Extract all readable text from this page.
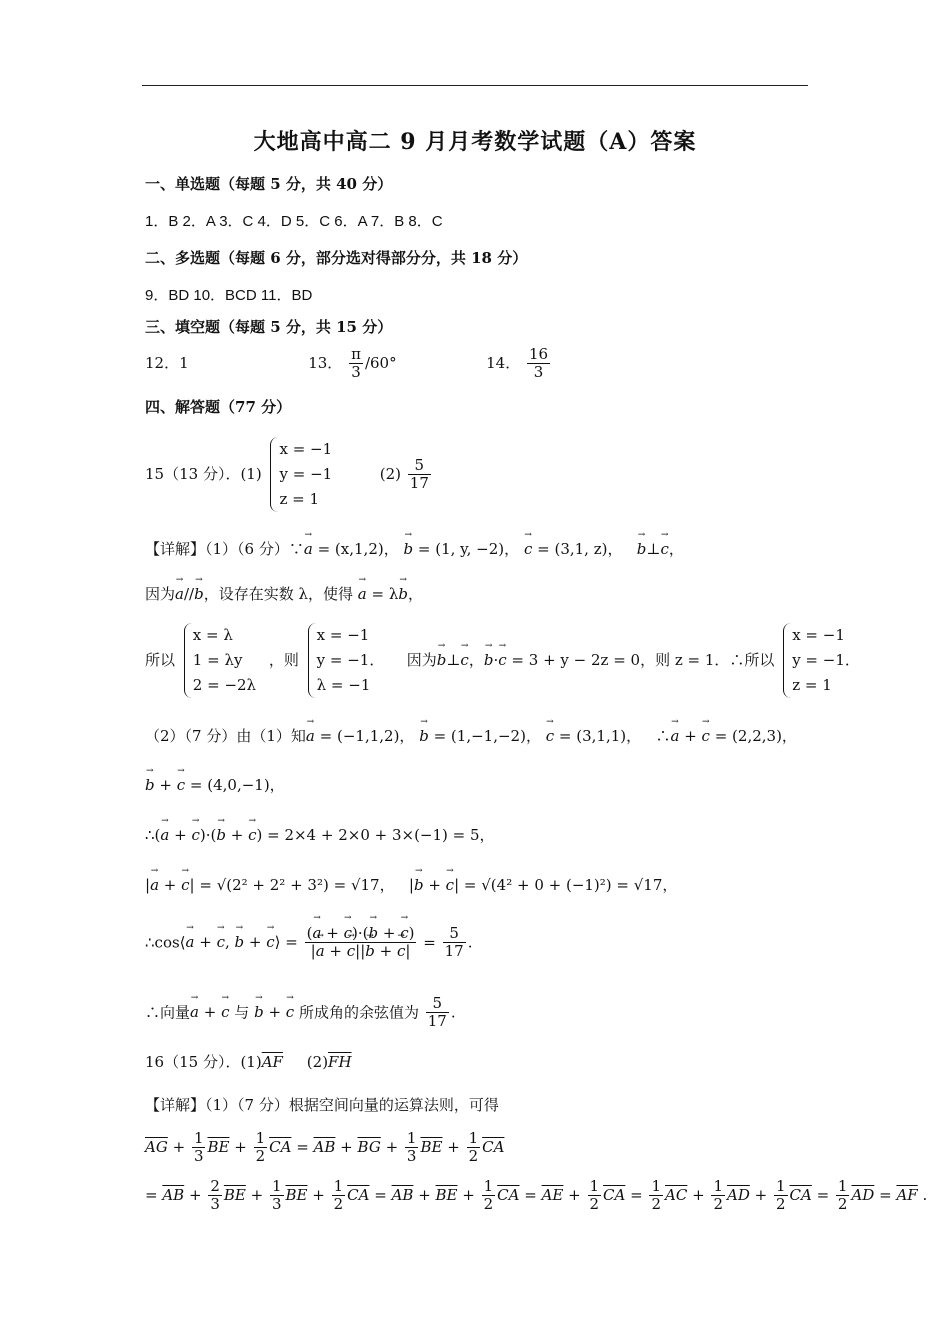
大地高中高二 9 月月考数学试题（A）答案
一、单选题（每题 5 分，共 40 分）
1．B 2．A 3．C 4．D 5．C 6．A 7．B 8．C
二、多选题（每题 6 分，部分选对得部分分，共 18 分）
9．BD 10．BCD 11．BD
三、填空题（每题 5 分，共 15 分）
12．1	13． $\frac{\pi}{3} /60^\circ$	14． $\frac{16}{3}$
四、解答题（77 分）
15（13 分）．(1)
x = −1
y = −1
z = 1
$(2) \frac{5}{17}$
【详解】（1）（6 分）∵→ a = (x,1,2)， → b = (1, y, −2)， → c = (3,1, z)， → b⊥→ c，
因为→ a//→ b，设存在实数 λ，使得 → a = λ→ b，
所以
x = λ
1 = λy
2 = −2λ
，则
x = −1
y = −1．
λ = −1
因为→ b⊥→ c，→ b·→ c = 3 + y − 2z = 0，则 z = 1．∴所以
x = −1
y = −1．
z = 1
（2）（7 分）由（1）知→ a = (−1,1,2)， → b = (1,−1,−2)， → c = (3,1,1)， ∴→ a + → c = (2,2,3)，
→ b + → c = (4,0,−1)，
∴(→ a + → c)·(→ b + → c) = 2×4 + 2×0 + 3×(−1) = 5，
|→ a + → c| = √(2² + 2² + 3²) = √17，   |→ b + → c| = √(4² + 0 + (−1)²) = √17，
∴cos⟨→ a + → c, → b + → c⟩ = $\frac{(\to a + \to c)\cdot(\to b + \to c)}{|\to a + \to c||\to b + \to c|} = \frac{5}{17}$ .
∴向量→ a + → c 与 → b + → c 所成角的余弦值为 $\frac{5}{17}$ .
16（15 分）．$(1)\overline{AF}$ $(2)\overline{FH}$
【详解】（1）（7 分）根据空间向量的运算法则，可得
$\overline{AG} + \frac{1}{3} \overline{BE} + \frac{1}{2} \overline{CA} = \overline{AB} + \overline{BG} + \frac{1}{3} \overline{BE} + \frac{1}{2} \overline{CA}$
= $\overline{AB} + \frac{2}{3} \overline{BE} + \frac{1}{3} \overline{BE} + \frac{1}{2} \overline{CA} = \overline{AB} + \overline{BE} + \frac{1}{2} \overline{CA} = \overline{AE} + \frac{1}{2} \overline{CA} = \frac{1}{2} \overline{AC} + \frac{1}{2} \overline{AD} + \frac{1}{2} \overline{CA} = \frac{1}{2} \overline{AD} = \overline{AF}$ .
